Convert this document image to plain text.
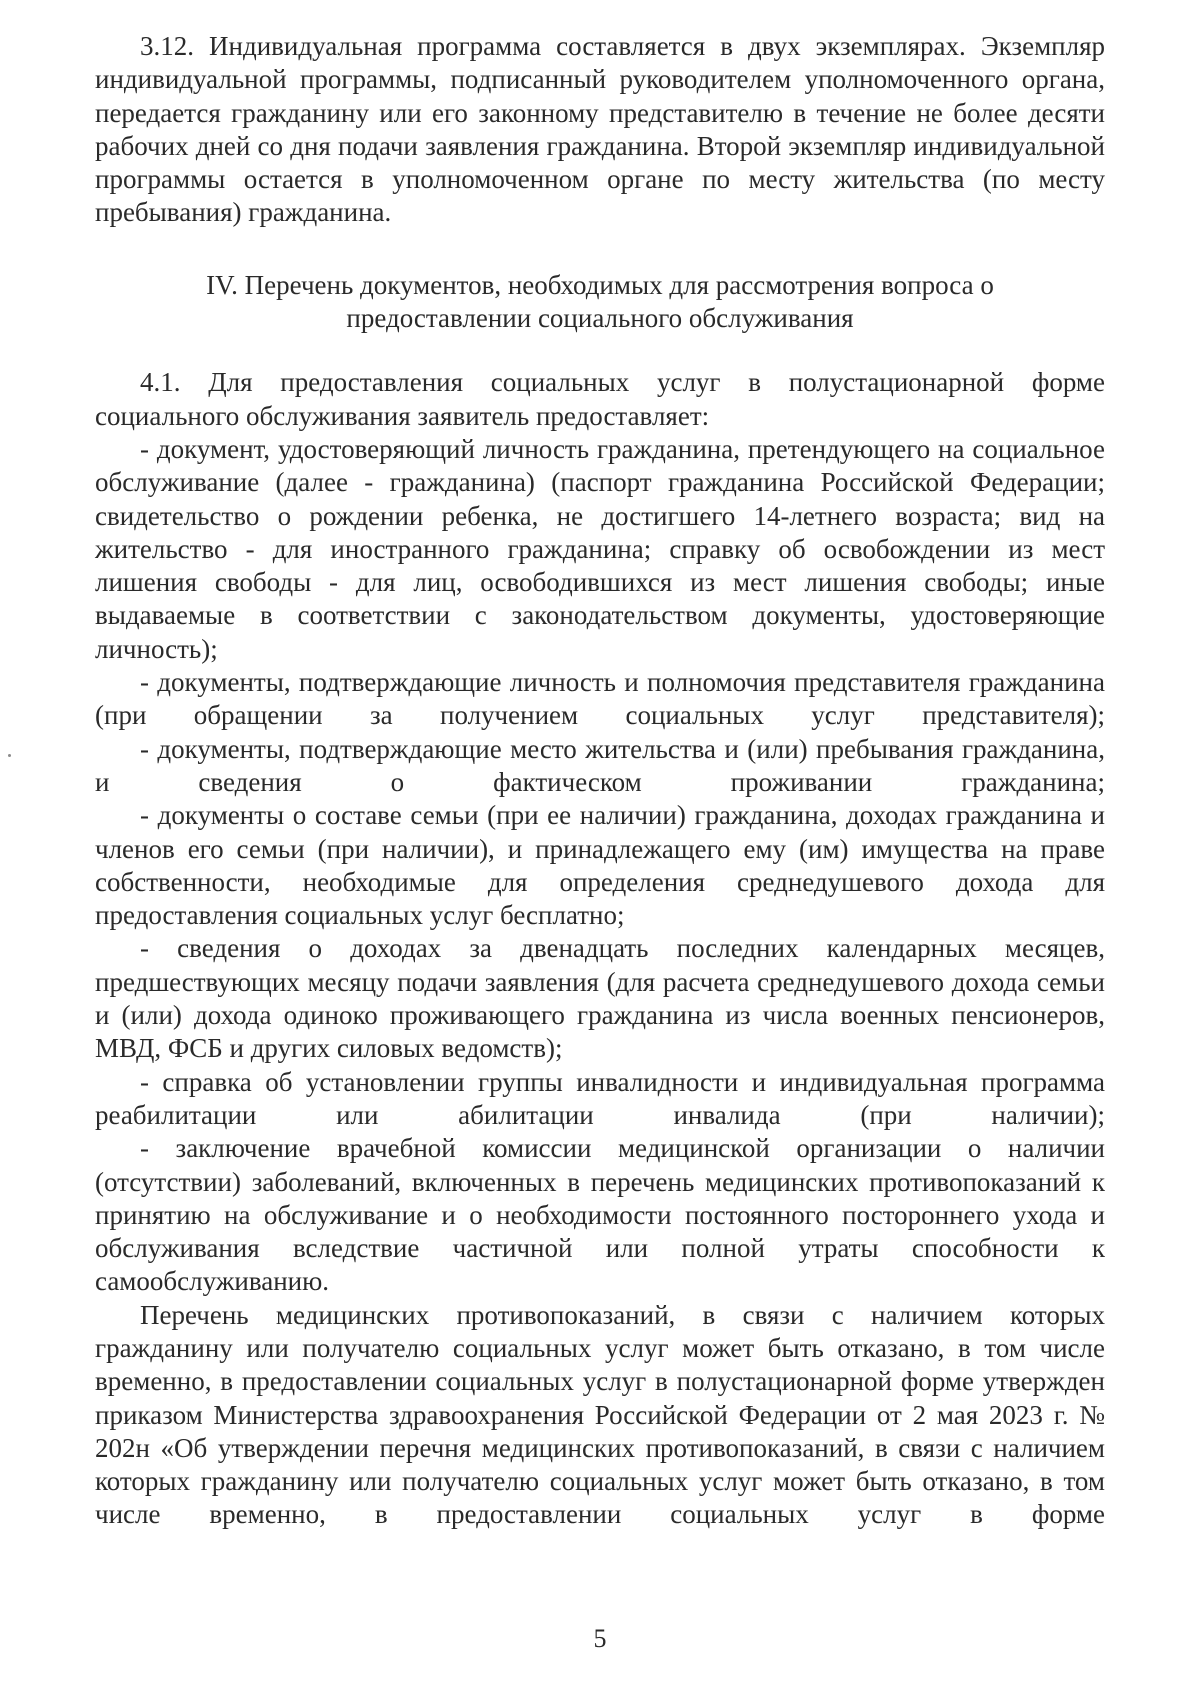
3.12. Индивидуальная программа составляется в двух экземплярах. Экземпляр индивидуальной программы, подписанный руководителем уполномоченного органа, передается гражданину или его законному представителю в течение не более десяти рабочих дней со дня подачи заявления гражданина. Второй экземпляр индивидуальной программы остается в уполномоченном органе по месту жительства (по месту пребывания) гражданина.

IV. Перечень документов, необходимых для рассмотрения вопроса о
предоставлении социального обслуживания

4.1. Для предоставления социальных услуг в полустационарной форме социального обслуживания заявитель предоставляет:

- документ, удостоверяющий личность гражданина, претендующего на социальное обслуживание (далее - гражданина) (паспорт гражданина Российской Федерации; свидетельство о рождении ребенка, не достигшего 14-летнего возраста; вид на жительство - для иностранного гражданина; справку об освобождении из мест лишения свободы - для лиц, освободившихся из мест лишения свободы; иные выдаваемые в соответствии с законодательством документы, удостоверяющие личность);

- документы, подтверждающие личность и полномочия представителя гражданина (при обращении за получением социальных услуг представителя);

- документы, подтверждающие место жительства и (или) пребывания гражданина, и сведения о фактическом проживании гражданина;

- документы о составе семьи (при ее наличии) гражданина, доходах гражданина и членов его семьи (при наличии), и принадлежащего ему (им) имущества на праве собственности, необходимые для определения среднедушевого дохода для предоставления социальных услуг бесплатно;

- сведения о доходах за двенадцать последних календарных месяцев, предшествующих месяцу подачи заявления (для расчета среднедушевого дохода семьи и (или) дохода одиноко проживающего гражданина из числа военных пенсионеров, МВД, ФСБ и других силовых ведомств);

- справка об установлении группы инвалидности и индивидуальная программа реабилитации или абилитации инвалида (при наличии);

- заключение врачебной комиссии медицинской организации о наличии (отсутствии) заболеваний, включенных в перечень медицинских противопоказаний к принятию на обслуживание и о необходимости постоянного постороннего ухода и обслуживания вследствие частичной или полной утраты способности к самообслуживанию.

Перечень медицинских противопоказаний, в связи с наличием которых гражданину или получателю социальных услуг может быть отказано, в том числе временно, в предоставлении социальных услуг в полустационарной форме утвержден приказом Министерства здравоохранения Российской Федерации от 2 мая 2023 г. № 202н «Об утверждении перечня медицинских противопоказаний, в связи с наличием которых гражданину или получателю социальных услуг может быть отказано, в том числе временно, в предоставлении социальных услуг в форме

5
